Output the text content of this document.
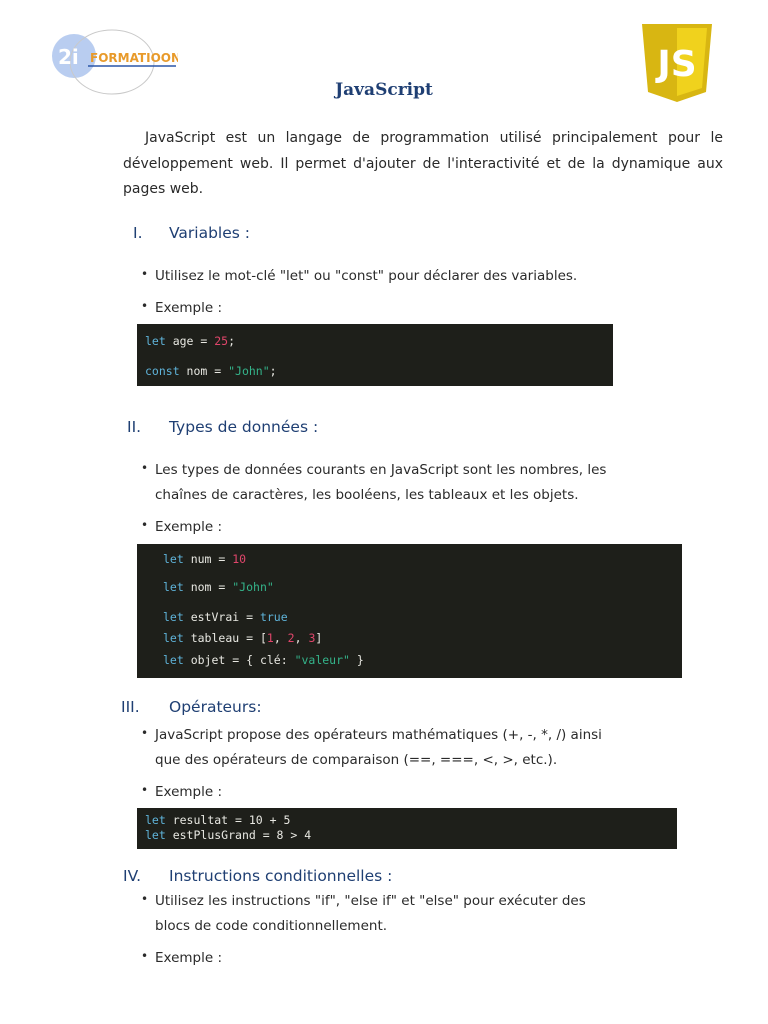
2i FORMATIOON	JS
JavaScript
JavaScript est un langage de programmation utilisé principalement pour le développement web. Il permet d'ajouter de l'interactivité et de la dynamique aux pages web.
I. Variables :
• Utilisez le mot-clé "let" ou "const" pour déclarer des variables.
• Exemple :
let age = 25;
const nom = "John";
II. Types de données :
• Les types de données courants en JavaScript sont les nombres, les
chaînes de caractères, les booléens, les tableaux et les objets.
• Exemple :
let num = 10
let nom = "John"
let estVrai = true
let tableau = [1, 2, 3]
let objet = { clé: "valeur" }
III. Opérateurs:
• JavaScript propose des opérateurs mathématiques (+, -, *, /) ainsi
que des opérateurs de comparaison (==, ===, <, >, etc.).
• Exemple :
let resultat = 10 + 5
let estPlusGrand = 8 > 4
IV. Instructions conditionnelles :
• Utilisez les instructions "if", "else if" et "else" pour exécuter des
blocs de code conditionnellement.
• Exemple :
